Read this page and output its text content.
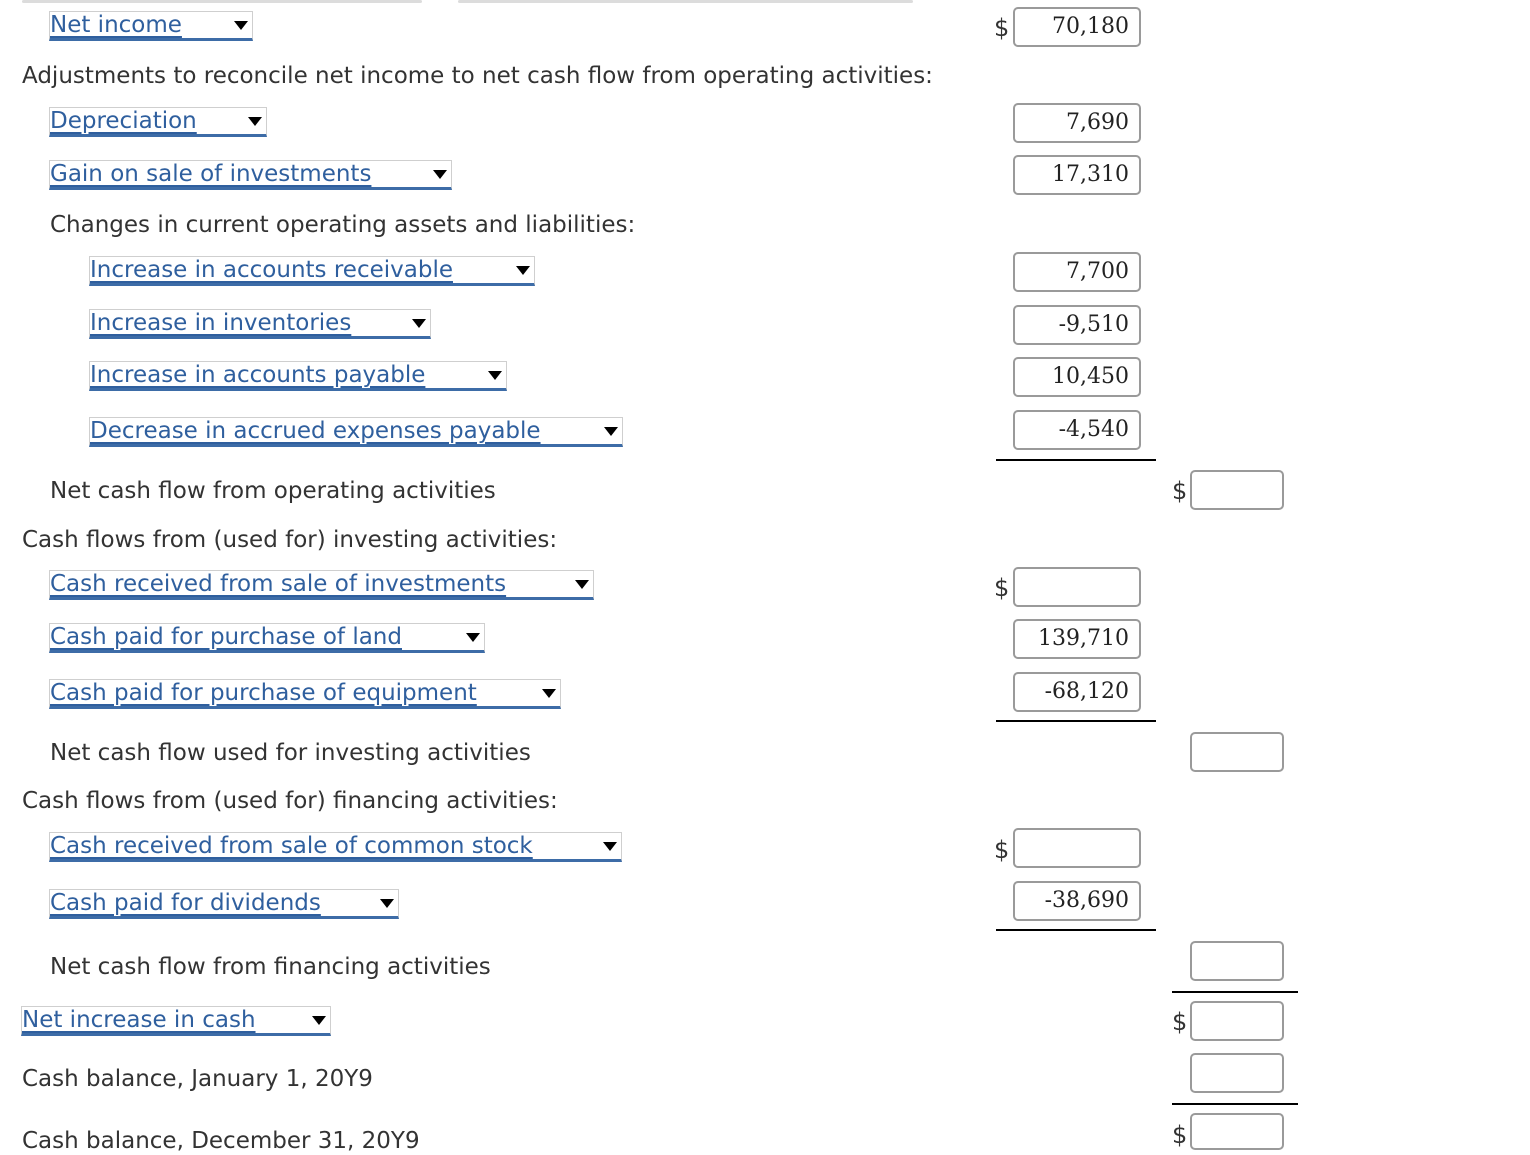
Net income	$	70,180
Adjustments to reconcile net income to net cash flow from operating activities:
Depreciation	7,690
Gain on sale of investments	17,310
Changes in current operating assets and liabilities:
Increase in accounts receivable	7,700
Increase in inventories	-9,510
Increase in accounts payable	10,450
Decrease in accrued expenses payable	-4,540
Net cash flow from operating activities	$
Cash flows from (used for) investing activities:
Cash received from sale of investments	$
Cash paid for purchase of land	139,710
Cash paid for purchase of equipment	-68,120
Net cash flow used for investing activities
Cash flows from (used for) financing activities:
Cash received from sale of common stock	$
Cash paid for dividends	-38,690
Net cash flow from financing activities
Net increase in cash	$
Cash balance, January 1, 20Y9
Cash balance, December 31, 20Y9	$
